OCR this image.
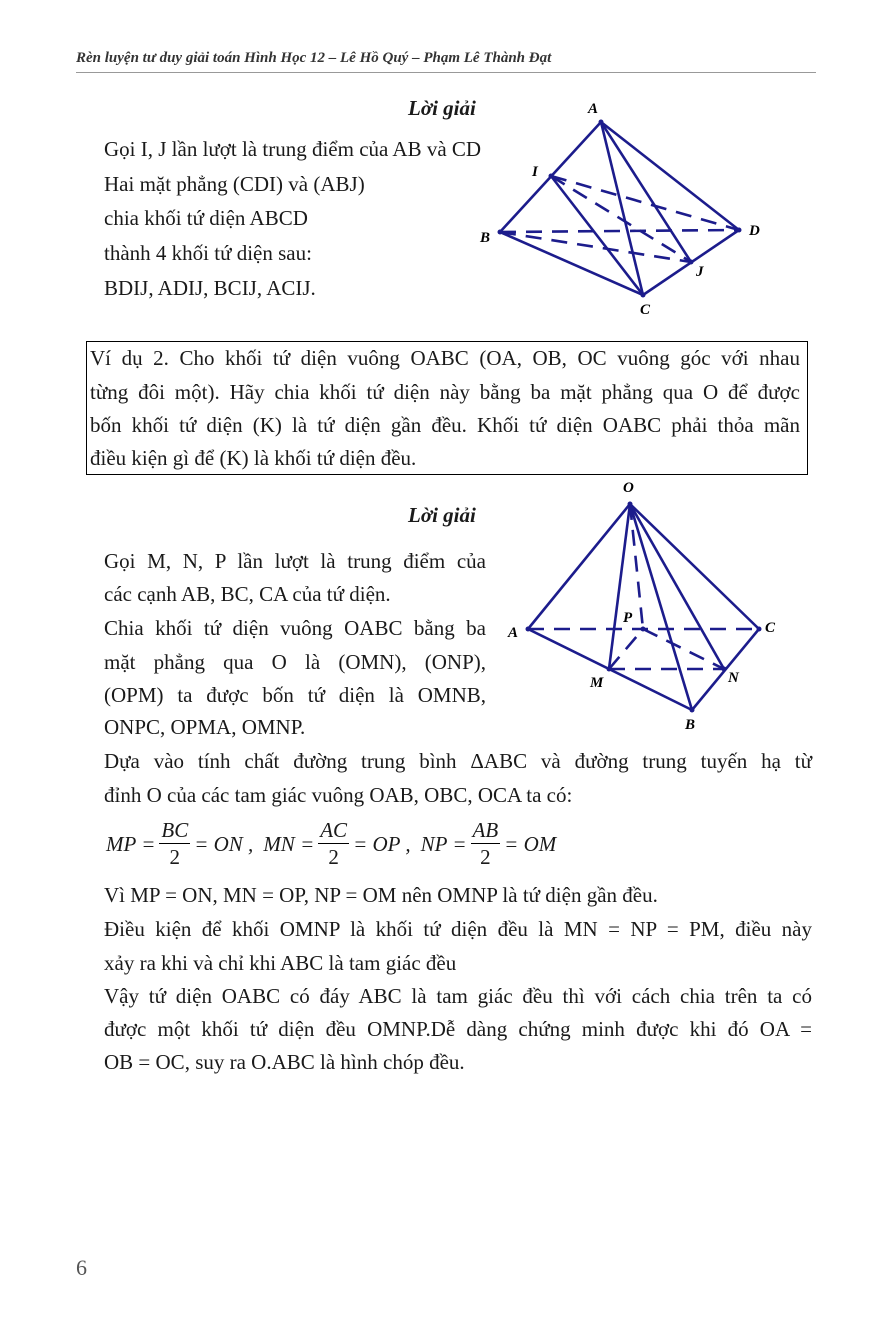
Rèn luyện tư duy giải toán Hình Học 12 – Lê Hồ Quý – Phạm Lê Thành Đạt
Lời giải
Gọi I, J lần lượt là trung điểm của AB và CD
Hai mặt phẳng (CDI) và (ABJ)
chia khối tứ diện ABCD
thành 4 khối tứ diện sau:
BDIJ, ADIJ, BCIJ, ACIJ.
A
B
C
D
I
J
Ví dụ 2. Cho khối tứ diện vuông OABC (OA, OB, OC vuông góc với nhau
từng đôi một). Hãy chia khối tứ diện này bằng ba mặt phẳng qua O để được
bốn khối tứ diện (K) là tứ diện gần đều. Khối tứ diện OABC phải thỏa mãn
điều kiện gì để (K) là khối tứ diện đều.
Lời giải
Gọi M, N, P lần lượt là trung điểm của
các cạnh AB, BC, CA của tứ diện.
Chia khối tứ diện vuông OABC bằng ba
mặt phẳng qua O là (OMN), (ONP),
(OPM) ta được bốn tứ diện là OMNB,
ONPC, OPMA, OMNP.
O
A	C
B
M	N
P
Dựa vào tính chất đường trung bình ΔABC và đường trung tuyến hạ từ
đỉnh O của các tam giác vuông OAB, OBC, OCA ta có:
MP = $\frac{BC}{2}$ = ON , MN = $\frac{AC}{2}$ = OP , NP = $\frac{AB}{2}$ = OM
Vì MP = ON, MN = OP, NP = OM nên OMNP là tứ diện gần đều.
Điều kiện để khối OMNP là khối tứ diện đều là MN = NP = PM, điều này
xảy ra khi và chỉ khi ABC là tam giác đều
Vậy tứ diện OABC có đáy ABC là tam giác đều thì với cách chia trên ta có
được một khối tứ diện đều OMNP.Dễ dàng chứng minh được khi đó OA =
OB = OC, suy ra O.ABC là hình chóp đều.
6
